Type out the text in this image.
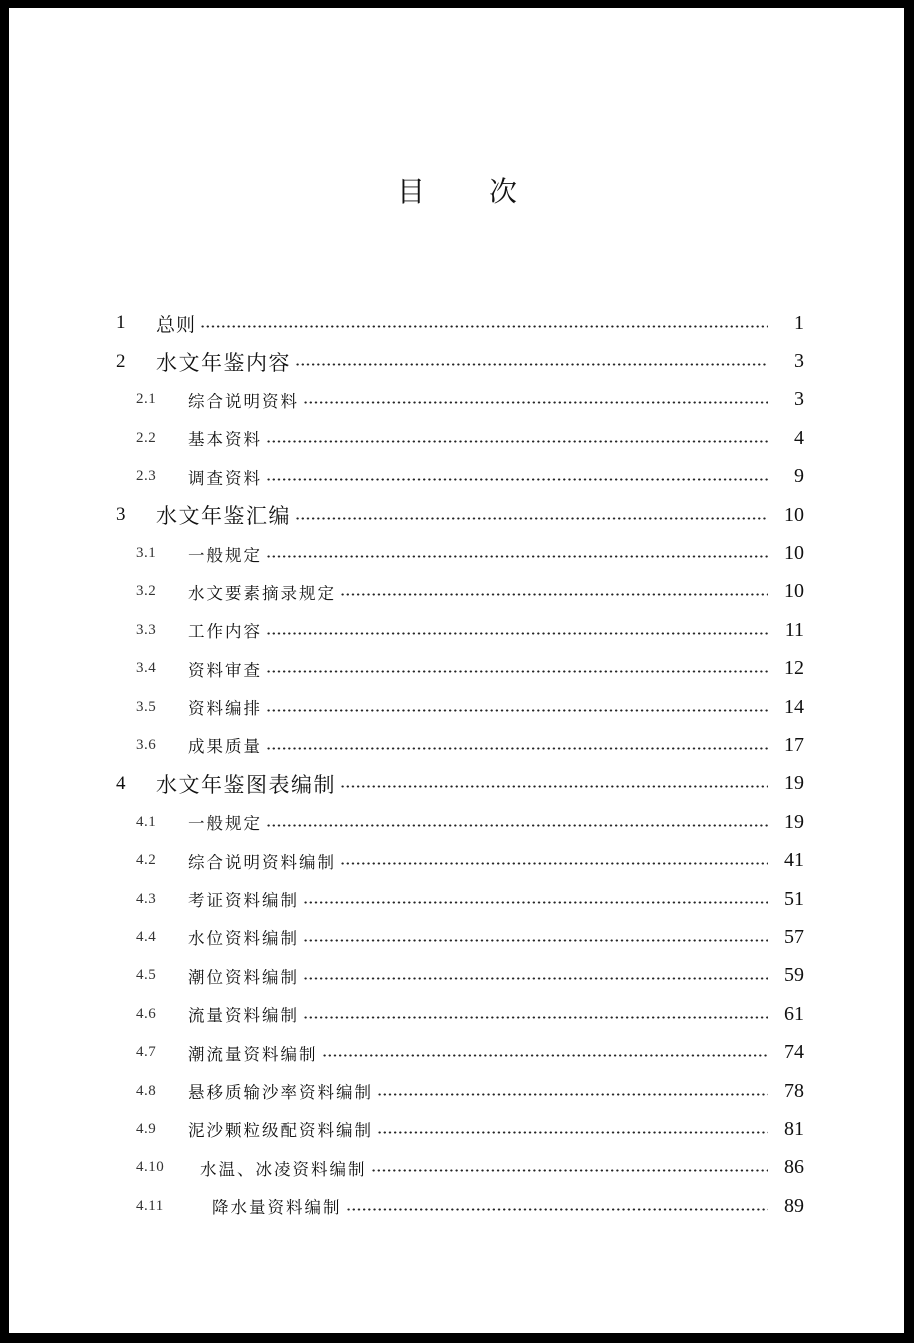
目 次
1	总则	1
2	水文年鉴内容	3
2.1	综合说明资料	3
2.2	基本资料	4
2.3	调查资料	9
3	水文年鉴汇编	10
3.1	一般规定	10
3.2	水文要素摘录规定	10
3.3	工作内容	11
3.4	资料审查	12
3.5	资料编排	14
3.6	成果质量	17
4	水文年鉴图表编制	19
4.1	一般规定	19
4.2	综合说明资料编制	41
4.3	考证资料编制	51
4.4	水位资料编制	57
4.5	潮位资料编制	59
4.6	流量资料编制	61
4.7	潮流量资料编制	74
4.8	悬移质输沙率资料编制	78
4.9	泥沙颗粒级配资料编制	81
4.10	水温、冰凌资料编制	86
4.11	降水量资料编制	89
